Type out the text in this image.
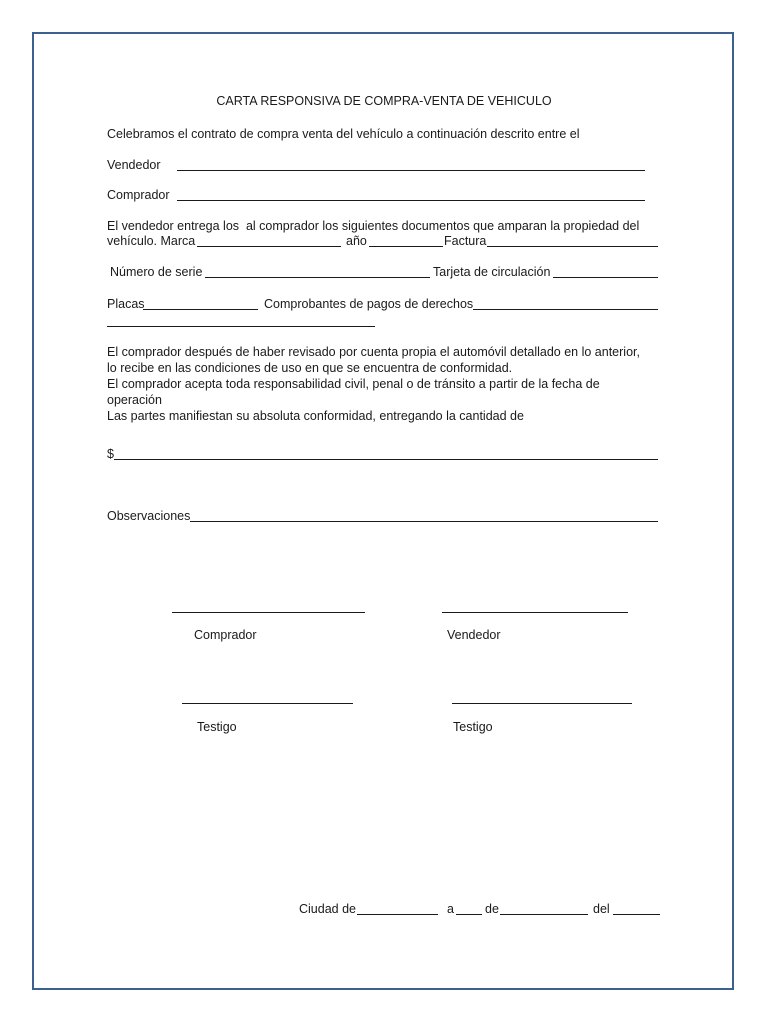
CARTA RESPONSIVA DE COMPRA-VENTA DE VEHICULO
Celebramos el contrato de compra venta del vehículo a continuación descrito entre el
Vendedor
Comprador
El vendedor entrega los  al comprador los siguientes documentos que amparan la propiedad del
vehículo. Marca	año	Factura
Número de serie	Tarjeta de circulación
Placas	Comprobantes de pagos de derechos
El comprador después de haber revisado por cuenta propia el automóvil detallado en lo anterior,
lo recibe en las condiciones de uso en que se encuentra de conformidad.
El comprador acepta toda responsabilidad civil, penal o de tránsito a partir de la fecha de
operación
Las partes manifiestan su absoluta conformidad, entregando la cantidad de
$
Observaciones
Comprador	Vendedor
Testigo	Testigo
Ciudad de	a de	del
